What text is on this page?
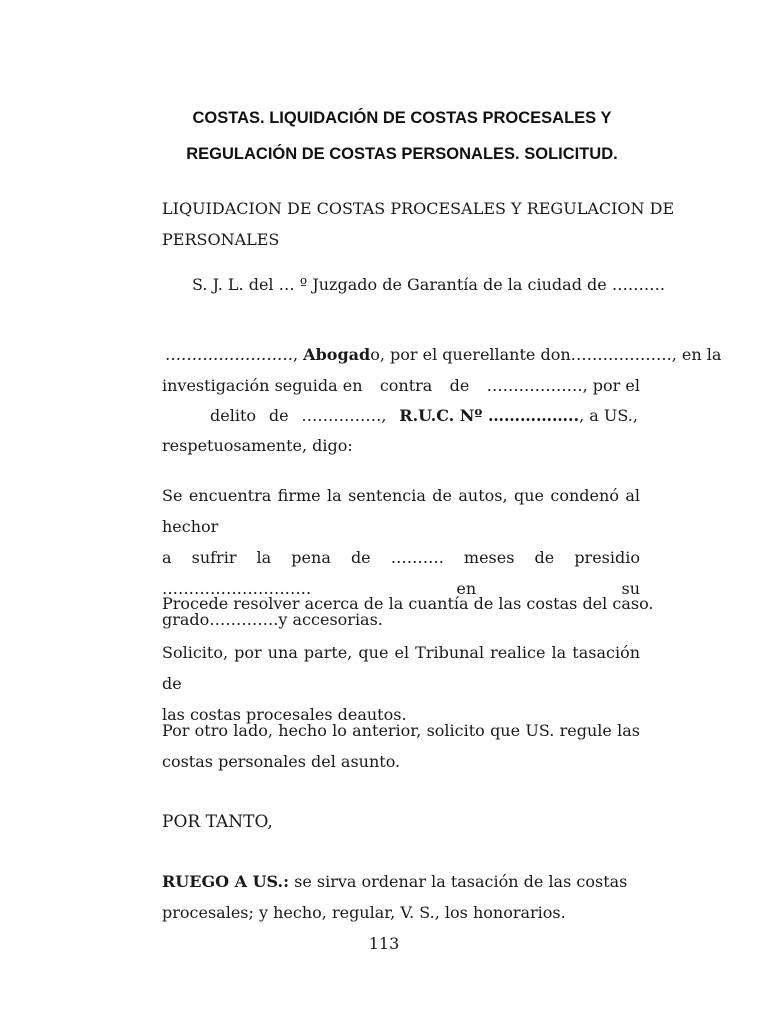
COSTAS. LIQUIDACIÓN DE COSTAS PROCESALES Y
REGULACIÓN DE COSTAS PERSONALES. SOLICITUD.
LIQUIDACION DE COSTAS PROCESALES Y REGULACION DE
PERSONALES
S. J. L. del … º Juzgado de Garantía de la ciudad de ……….
……………………, Abogado, por el querellante don………………., en la
investigación seguida en contra de ………………, por el
delito de ……………, R.U.C. Nº …………….., a US.,
respetuosamente, digo:
Se encuentra firme la sentencia de autos, que condenó al hechor
a sufrir la pena de ………. meses de presidio ………………………. en su
grado………….y accesorias.
Procede resolver acerca de la cuantía de las costas del caso.
Solicito, por una parte, que el Tribunal realice la tasación de
las costas procesales deautos.
Por otro lado, hecho lo anterior, solicito que US. regule las
costas personales del asunto.
POR TANTO,
RUEGO A US.: se sirva ordenar la tasación de las costas
procesales; y hecho, regular, V. S., los honorarios.
113
